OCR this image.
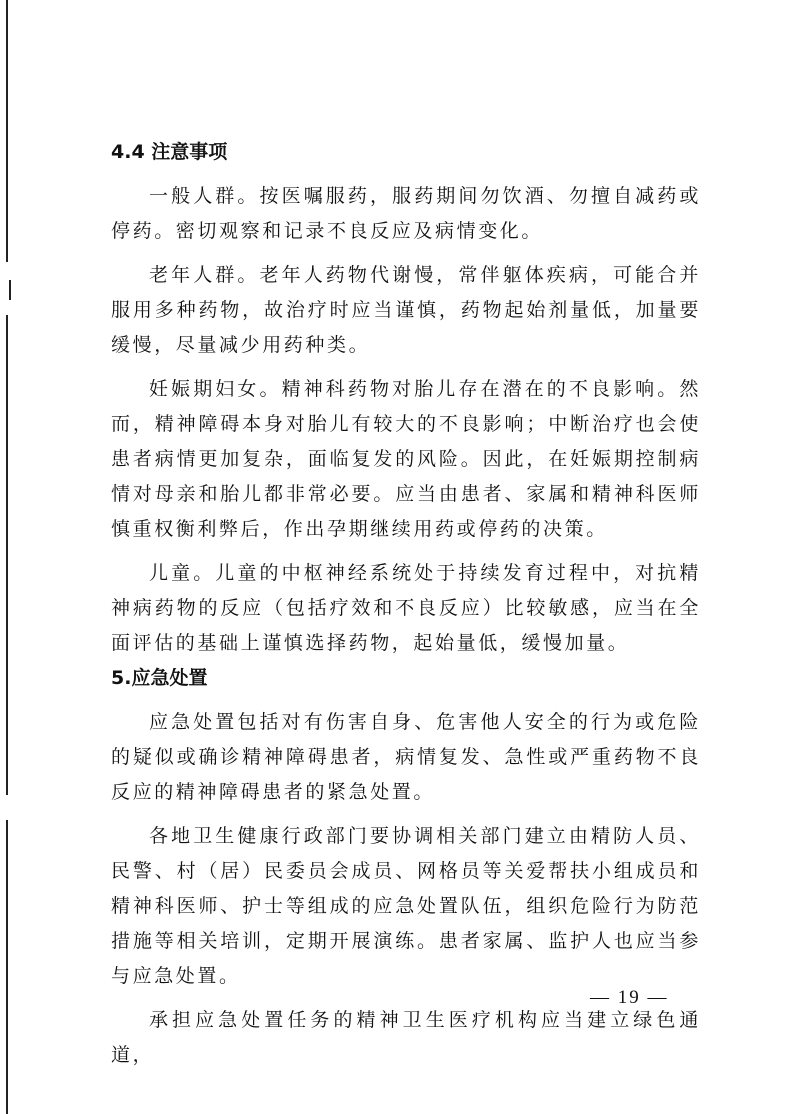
4.4 注意事项

一般人群。按医嘱服药，服药期间勿饮酒、勿擅自减药或停药。密切观察和记录不良反应及病情变化。

老年人群。老年人药物代谢慢，常伴躯体疾病，可能合并服用多种药物，故治疗时应当谨慎，药物起始剂量低，加量要缓慢，尽量减少用药种类。

妊娠期妇女。精神科药物对胎儿存在潜在的不良影响。然而，精神障碍本身对胎儿有较大的不良影响；中断治疗也会使患者病情更加复杂，面临复发的风险。因此，在妊娠期控制病情对母亲和胎儿都非常必要。应当由患者、家属和精神科医师慎重权衡利弊后，作出孕期继续用药或停药的决策。

儿童。儿童的中枢神经系统处于持续发育过程中，对抗精神病药物的反应（包括疗效和不良反应）比较敏感，应当在全面评估的基础上谨慎选择药物，起始量低，缓慢加量。

5.应急处置

应急处置包括对有伤害自身、危害他人安全的行为或危险的疑似或确诊精神障碍患者，病情复发、急性或严重药物不良反应的精神障碍患者的紧急处置。

各地卫生健康行政部门要协调相关部门建立由精防人员、民警、村（居）民委员会成员、网格员等关爱帮扶小组成员和精神科医师、护士等组成的应急处置队伍，组织危险行为防范措施等相关培训，定期开展演练。患者家属、监护人也应当参与应急处置。

承担应急处置任务的精神卫生医疗机构应当建立绿色通道，

— 19 —
